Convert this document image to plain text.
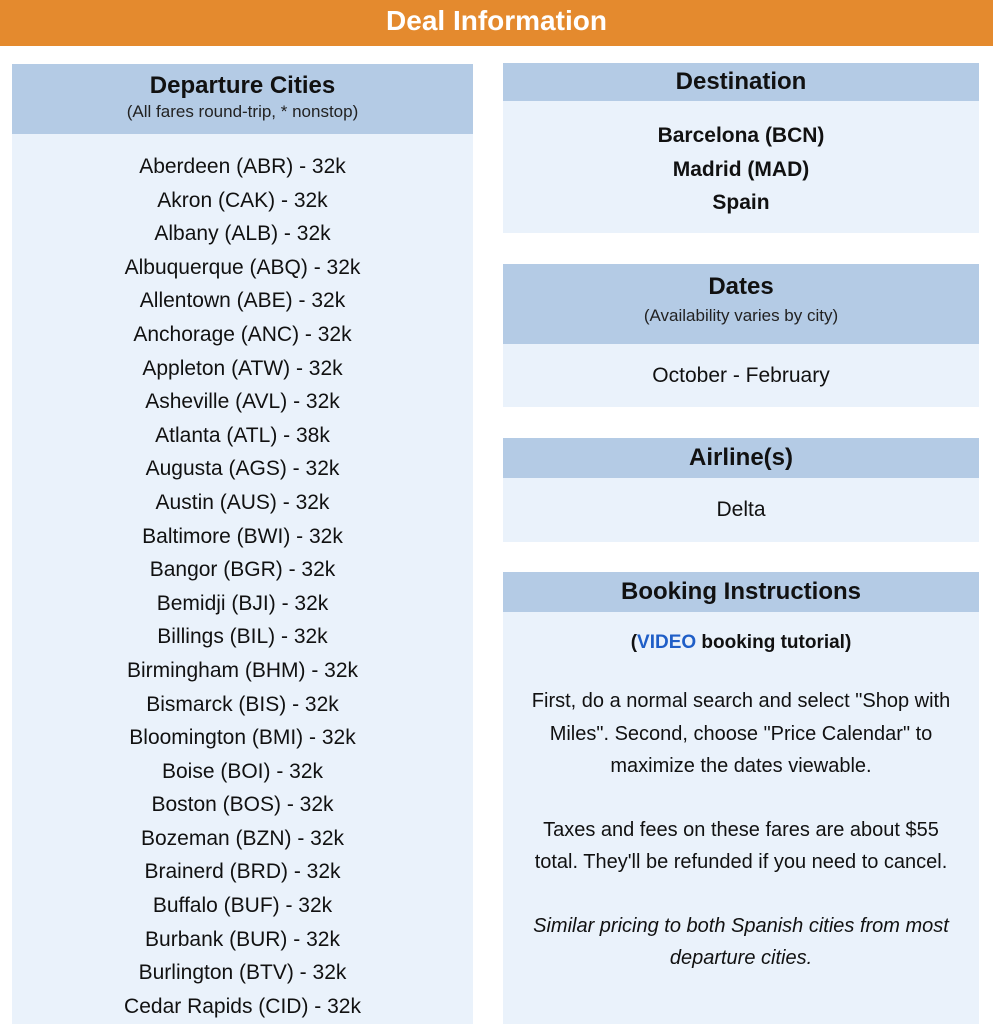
Deal Information
Departure Cities
(All fares round-trip, * nonstop)
Aberdeen (ABR) - 32k
Akron (CAK) - 32k
Albany (ALB) - 32k
Albuquerque (ABQ) - 32k
Allentown (ABE) - 32k
Anchorage (ANC) - 32k
Appleton (ATW) - 32k
Asheville (AVL) - 32k
Atlanta (ATL) - 38k
Augusta (AGS) - 32k
Austin (AUS) - 32k
Baltimore (BWI) - 32k
Bangor (BGR) - 32k
Bemidji (BJI) - 32k
Billings (BIL) - 32k
Birmingham (BHM) - 32k
Bismarck (BIS) - 32k
Bloomington (BMI) - 32k
Boise (BOI) - 32k
Boston (BOS) - 32k
Bozeman (BZN) - 32k
Brainerd (BRD) - 32k
Buffalo (BUF) - 32k
Burbank (BUR) - 32k
Burlington (BTV) - 32k
Cedar Rapids (CID) - 32k
Destination
Barcelona (BCN)
Madrid (MAD)
Spain
Dates
(Availability varies by city)
October - February
Airline(s)
Delta
Booking Instructions
(VIDEO booking tutorial)
First, do a normal search and select "Shop with Miles". Second, choose "Price Calendar" to maximize the dates viewable.
Taxes and fees on these fares are about $55 total. They'll be refunded if you need to cancel.
Similar pricing to both Spanish cities from most departure cities.
